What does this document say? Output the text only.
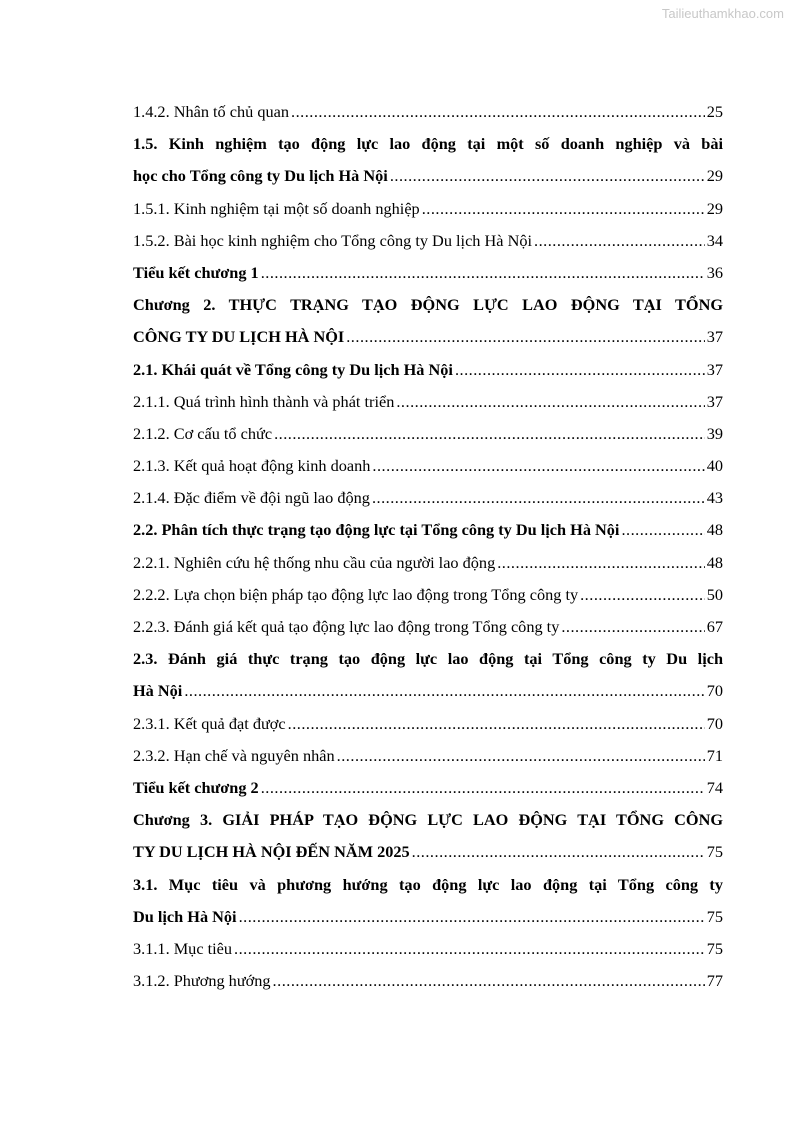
Tailieuthamkhao.com
1.4.2. Nhân tố chủ quan .....	25
1.5. Kinh nghiệm tạo động lực lao động tại một số doanh nghiệp và bài
học cho Tổng công ty Du lịch Hà Nội .....	29
1.5.1. Kinh nghiệm tại một số doanh nghiệp .....	29
1.5.2. Bài học kinh nghiệm cho Tổng công ty Du lịch Hà Nội .....	34
Tiểu kết chương 1 .....	36
Chương 2. THỰC TRẠNG TẠO ĐỘNG LỰC LAO ĐỘNG TẠI TỔNG
CÔNG TY DU LỊCH HÀ NỘI .....	37
2.1. Khái quát về Tổng công ty Du lịch Hà Nội .....	37
2.1.1. Quá trình hình thành và phát triển .....	37
2.1.2. Cơ cấu tổ chức .....	39
2.1.3. Kết quả hoạt động kinh doanh .....	40
2.1.4. Đặc điểm về đội ngũ lao động .....	43
2.2. Phân tích thực trạng tạo động lực tại Tổng công ty Du lịch Hà Nội .....	48
2.2.1. Nghiên cứu hệ thống nhu cầu của người lao động .....	48
2.2.2. Lựa chọn biện pháp tạo động lực lao động trong Tổng công ty .....	50
2.2.3. Đánh giá kết quả tạo động lực lao động trong Tổng công ty .....	67
2.3. Đánh giá thực trạng tạo động lực lao động tại Tổng công ty Du lịch
Hà Nội .....	70
2.3.1. Kết quả đạt được .....	70
2.3.2. Hạn chế và nguyên nhân .....	71
Tiểu kết chương 2 .....	74
Chương 3. GIẢI PHÁP TẠO ĐỘNG LỰC LAO ĐỘNG TẠI TỔNG CÔNG
TY DU LỊCH HÀ NỘI ĐẾN NĂM 2025 .....	75
3.1. Mục tiêu và phương hướng tạo động lực lao động tại Tổng công ty
Du lịch Hà Nội .....	75
3.1.1. Mục tiêu .....	75
3.1.2. Phương hướng .....	77
